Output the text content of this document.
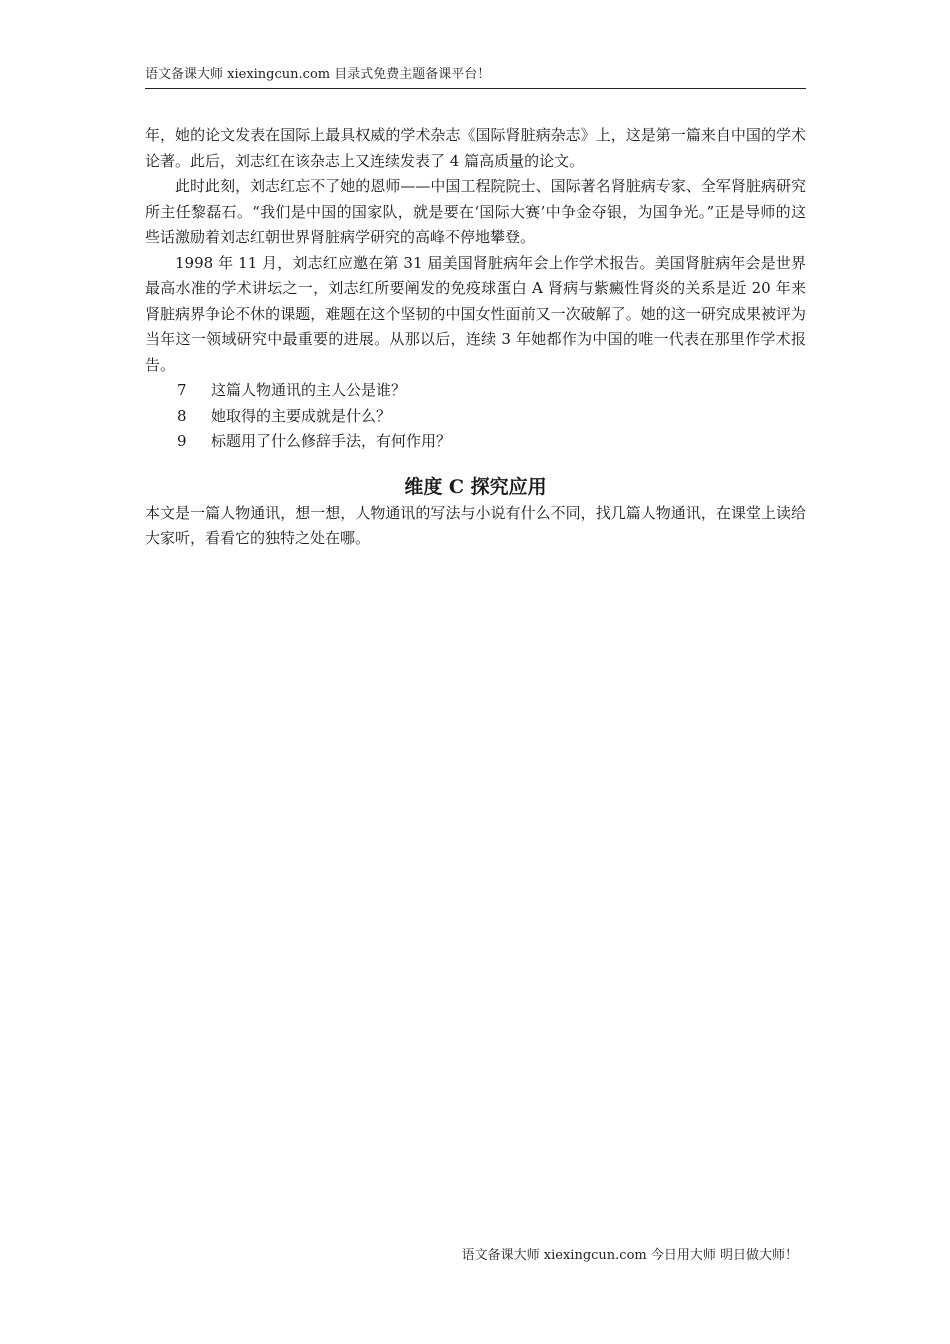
语文备课大师 xiexingcun.com 目录式免费主题备课平台！

年，她的论文发表在国际上最具权威的学术杂志《国际肾脏病杂志》上，这是第一篇来自中国的学术论著。此后，刘志红在该杂志上又连续发表了 4 篇高质量的论文。

此时此刻，刘志红忘不了她的恩师——中国工程院院士、国际著名肾脏病专家、全军肾脏病研究所主任黎磊石。“我们是中国的国家队，就是要在‘国际大赛’中争金夺银，为国争光。”正是导师的这些话激励着刘志红朝世界肾脏病学研究的高峰不停地攀登。

1998 年 11 月，刘志红应邀在第 31 届美国肾脏病年会上作学术报告。美国肾脏病年会是世界最高水准的学术讲坛之一，刘志红所要阐发的免疫球蛋白 A 肾病与紫癜性肾炎的关系是近 20 年来肾脏病界争论不休的课题，难题在这个坚韧的中国女性面前又一次破解了。她的这一研究成果被评为当年这一领域研究中最重要的进展。从那以后，连续 3 年她都作为中国的唯一代表在那里作学术报告。

7	这篇人物通讯的主人公是谁？
8	她取得的主要成就是什么？
9	标题用了什么修辞手法，有何作用？
维度 C 探究应用

本文是一篇人物通讯，想一想，人物通讯的写法与小说有什么不同，找几篇人物通讯，在课堂上读给大家听，看看它的独特之处在哪。

语文备课大师 xiexingcun.com 今日用大师 明日做大师！
